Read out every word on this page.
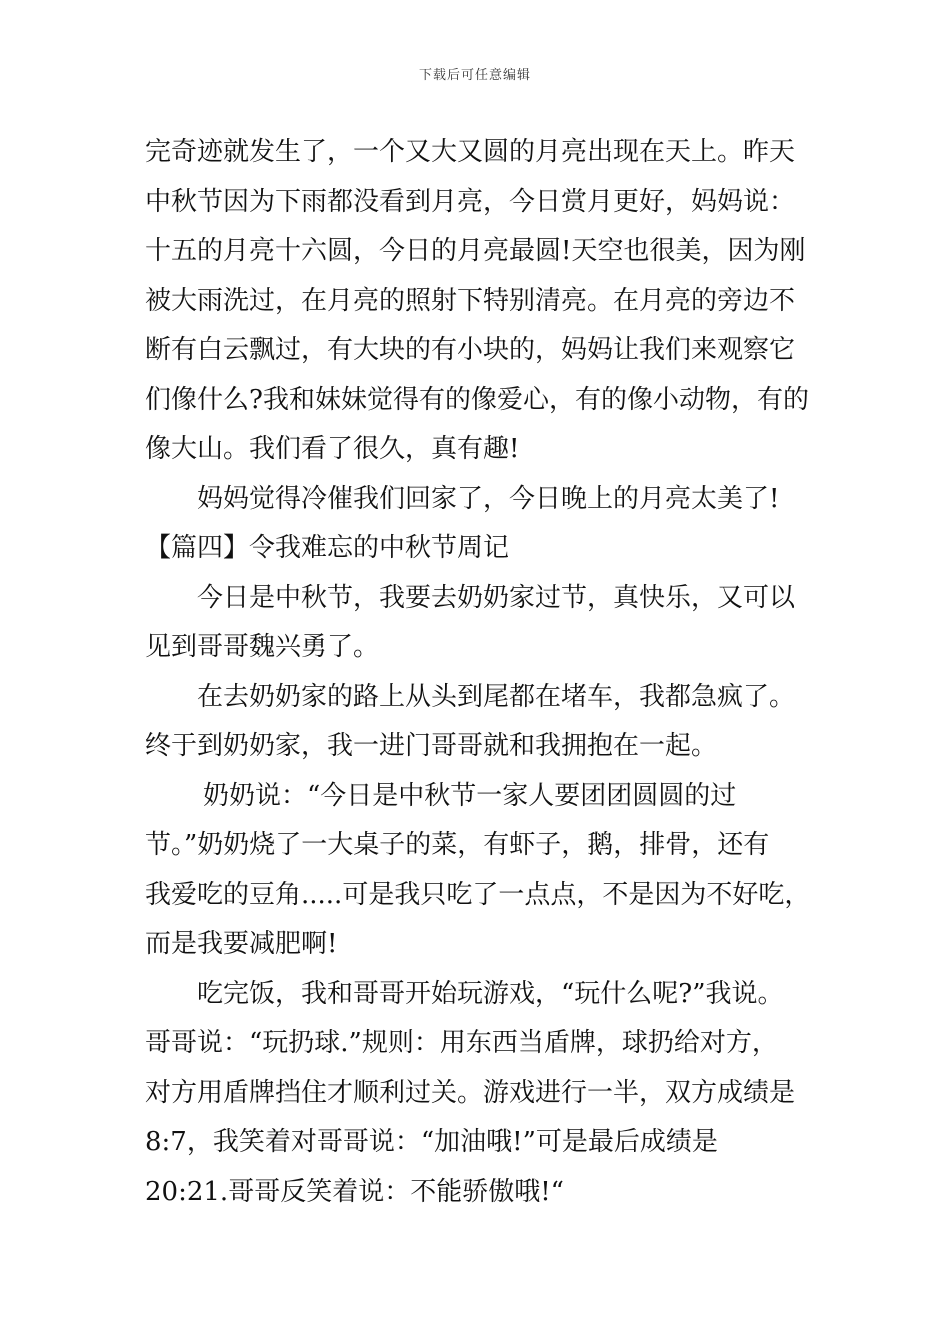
下载后可任意编辑
完奇迹就发生了，一个又大又圆的月亮出现在天上。昨天
中秋节因为下雨都没看到月亮，今日赏月更好，妈妈说：
十五的月亮十六圆，今日的月亮最圆!天空也很美，因为刚
被大雨洗过，在月亮的照射下特别清亮。在月亮的旁边不
断有白云飘过，有大块的有小块的，妈妈让我们来观察它
们像什么?我和妹妹觉得有的像爱心，有的像小动物，有的
像大山。我们看了很久，真有趣!
妈妈觉得冷催我们回家了，今日晚上的月亮太美了!
【篇四】令我难忘的中秋节周记
今日是中秋节，我要去奶奶家过节，真快乐，又可以
见到哥哥魏兴勇了。
在去奶奶家的路上从头到尾都在堵车，我都急疯了。
终于到奶奶家，我一进门哥哥就和我拥抱在一起。
奶奶说：“今日是中秋节一家人要团团圆圆的过
节。”奶奶烧了一大桌子的菜，有虾子，鹅，排骨，还有
我爱吃的豆角.....可是我只吃了一点点，不是因为不好吃，
而是我要减肥啊!
吃完饭，我和哥哥开始玩游戏，“玩什么呢?”我说。
哥哥说：“玩扔球.”规则：用东西当盾牌，球扔给对方，
对方用盾牌挡住才顺利过关。游戏进行一半，双方成绩是
8:7，我笑着对哥哥说：“加油哦!”可是最后成绩是
20:21.哥哥反笑着说：不能骄傲哦!“
